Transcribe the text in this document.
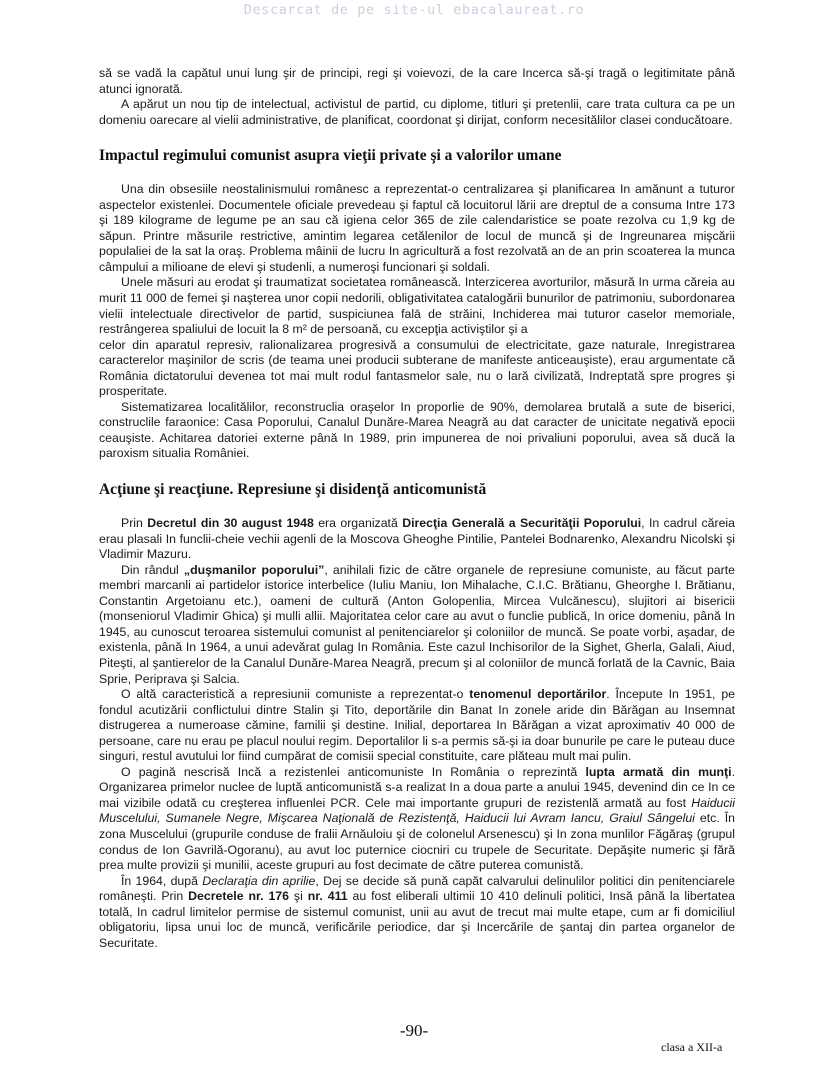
Descarcat de pe site-ul ebacalaureat.ro

să se vadă la capătul unui lung şir de principi, regi şi voievozi, de la care Incerca să-şi tragă o legitimitate până atunci ignorată.

A apărut un nou tip de intelectual, activistul de partid, cu diplome, titluri şi pretenlii, care trata cultura ca pe un domeniu oarecare al vielii administrative, de planificat, coordonat şi dirijat, conform necesitălilor clasei conducătoare.

Impactul regimului comunist asupra vieţii private şi a valorilor umane

Una din obsesiile neostalinismului românesc a reprezentat-o centralizarea şi planificarea In amănunt a tuturor aspectelor existenlei. Documentele oficiale prevedeau şi faptul că locuitorul lării are dreptul de a consuma Intre 173 şi 189 kilograme de legume pe an sau că igiena celor 365 de zile calendaristice se poate rezolva cu 1,9 kg de săpun. Printre măsurile restrictive, amintim legarea cetălenilor de locul de muncă şi de Ingreunarea mişcării populaliei de la sat la oraş. Problema mâinii de lucru In agricultură a fost rezolvată an de an prin scoaterea la munca câmpului a milioane de elevi şi studenli, a numeroşi funcionari şi soldali.

Unele măsuri au erodat şi traumatizat societatea românească. Interzicerea avorturilor, măsură In urma căreia au murit 11 000 de femei şi naşterea unor copii nedorili, obligativitatea catalogării bunurilor de patrimoniu, subordonarea vielii intelectuale directivelor de partid, suspiciunea falā de străini, Inchiderea mai tuturor caselor memoriale, restrângerea spaliului de locuit la 8 m² de persoană, cu excepţia activiştilor şi a

celor din aparatul represiv, ralionalizarea progresivă a consumului de electricitate, gaze naturale, Inregistrarea caracterelor maşinilor de scris (de teama unei producii subterane de manifeste anticeauşiste), erau argumentate că România dictatorului devenea tot mai mult rodul fantasmelor sale, nu o lară civilizată, Indreptată spre progres şi prosperitate.

Sistematizarea localitălilor, reconstruclia oraşelor In proporlie de 90%, demolarea brutală a sute de biserici, construclile faraonice: Casa Poporului, Canalul Dunăre-Marea Neagră au dat caracter de unicitate negativă epocii ceauşiste. Achitarea datoriei externe până In 1989, prin impunerea de noi privaliuni poporului, avea să ducă la paroxism situalia României.

Acţiune şi reacţiune. Represiune şi disidenţă anticomunistă

Prin Decretul din 30 august 1948 era organizată Direcţia Generală a Securităţii Poporului, In cadrul căreia erau plasali In funclii-cheie vechii agenli de la Moscova Gheoghe Pintilie, Pantelei Bodnarenko, Alexandru Nicolski şi Vladimir Mazuru.

Din rândul „duşmanilor poporului”, anihilali fizic de către organele de represiune comuniste, au făcut parte membri marcanli ai partidelor istorice interbelice (Iuliu Maniu, Ion Mihalache, C.I.C. Brătianu, Gheorghe I. Brătianu, Constantin Argetoianu etc.), oameni de cultură (Anton Golopenlia, Mircea Vulcănescu), slujitori ai bisericii (monseniorul Vladimir Ghica) şi mulli allii. Majoritatea celor care au avut o funclie publică, In orice domeniu, până In 1945, au cunoscut teroarea sistemului comunist al penitenciarelor şi coloniilor de muncă. Se poate vorbi, aşadar, de existenla, până In 1964, a unui adevărat gulag In România. Este cazul Inchisorilor de la Sighet, Gherla, Galali, Aiud, Piteşti, al şantierelor de la Canalul Dunăre-Marea Neagră, precum şi al coloniilor de muncă forlată de la Cavnic, Baia Sprie, Periprava şi Salcia.

O altă caracteristică a represiunii comuniste a reprezentat-o tenomenul deportărilor. Începute In 1951, pe fondul acutizării conflictului dintre Stalin şi Tito, deportările din Banat In zonele aride din Bărăgan au Insemnat distrugerea a numeroase cămine, familii şi destine. Inilial, deportarea In Bărăgan a vizat aproximativ 40 000 de persoane, care nu erau pe placul noului regim. Deportalilor li s-a permis să-şi ia doar bunurile pe care le puteau duce singuri, restul avutului lor fiind cumpărat de comisii special constituite, care plăteau mult mai pulin.

O pagină nescrisă Incă a rezistenlei anticomuniste In România o reprezintă lupta armată din munţi. Organizarea primelor nuclee de luptă anticomunistă s-a realizat In a doua parte a anului 1945, devenind din ce In ce mai vizibile odată cu creşterea influenlei PCR. Cele mai importante grupuri de rezistenlă armată au fost Haiducii Muscelului, Sumanele Negre, Mişcarea Naţională de Rezistenţă, Haiducii lui Avram Iancu, Graiul Sângelui etc. În zona Muscelului (grupurile conduse de fralii Arnăuloiu şi de colonelul Arsenescu) şi In zona munlilor Făgăraş (grupul condus de Ion Gavrilă-Ogoranu), au avut loc puternice ciocniri cu trupele de Securitate. Depăşite numeric şi fără prea multe provizii şi munilii, aceste grupuri au fost decimate de către puterea comunistă.

În 1964, după Declaraţia din aprilie, Dej se decide să pună capăt calvarului delinulilor politici din penitenciarele româneşti. Prin Decretele nr. 176 şi nr. 411 au fost eliberali ultimii 10 410 delinuli politici, Insă până la libertatea totală, In cadrul limitelor permise de sistemul comunist, unii au avut de trecut mai multe etape, cum ar fi domiciliul obligatoriu, lipsa unui loc de muncă, verificările periodice, dar şi Incercările de şantaj din partea organelor de Securitate.

-90-
clasa a XII-a
